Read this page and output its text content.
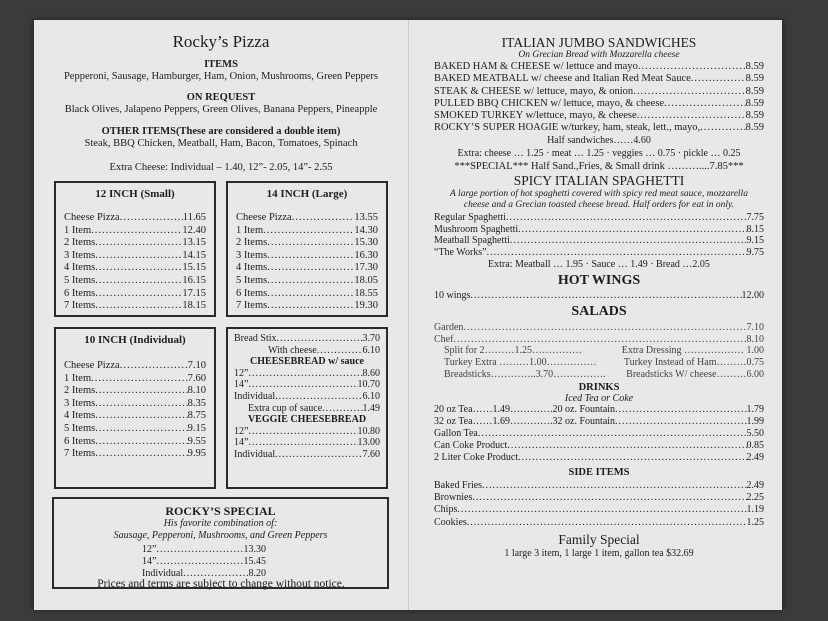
Rocky’s Pizza
ITEMS
Pepperoni, Sausage, Hamburger, Ham, Onion, Mushrooms, Green Peppers
ON REQUEST
Black Olives, Jalapeno Peppers, Green Olives, Banana Peppers, Pineapple
OTHER ITEMS(These are considered a double item)
Steak, BBQ Chicken, Meatball, Ham, Bacon, Tomatoes, Spinach
Extra Cheese: Individual – 1.40, 12”- 2.05, 14”- 2.55
12 INCH (Small)
Cheese Pizza .....	11.65
1 Item .....	12.40
2 Items .....	13.15
3 Items .....	14.15
4 Items .....	15.15
5 Items .....	16.15
6 Items .....	17.15
7 Items .....	18.15
14 INCH (Large)
Cheese Pizza .....	13.55
1 Item .....	14.30
2 Items .....	15.30
3 Items .....	16.30
4 Items .....	17.30
5 Items .....	18.05
6 Items .....	18.55
7 Items .....	19.30
10 INCH (Individual)
Cheese Pizza .....	7.10
1 Item .....	7.60
2 Items .....	8.10
3 Items .....	8.35
4 Items .....	8.75
5 Items .....	9.15
6 Items .....	9.55
7 Items .....	9.95
Bread Stix .....	3.70
With cheese .....	6.10
CHEESEBREAD w/ sauce
12” .....	8.60
14” .....	10.70
Individual .....	6.10
Extra cup of sauce .....	1.49
VEGGIE CHEESEBREAD
12” .....	10.80
14” .....	13.00
Individual .....	7.60
ROCKY’S SPECIAL
His favorite combination of:
Sausage, Pepperoni, Mushrooms, and Green Peppers
12” .....	13.30
14” .....	15.45
Individual .....	8.20
Prices and terms are subject to change without notice.
ITALIAN JUMBO SANDWICHES
On Grecian Bread with Mozzarella cheese
BAKED HAM & CHEESE w/ lettuce and mayo .....	8.59
BAKED MEATBALL w/ cheese and Italian Red Meat Sauce .....	8.59
STEAK & CHEESE w/ lettuce, mayo, & onion .....	8.59
PULLED BBQ CHICKEN w/ lettuce, mayo, & cheese .....	8.59
SMOKED TURKEY w/lettuce, mayo, & cheese .....	8.59
ROCKY’S SUPER HOAGIE w/turkey, ham, steak, lett., mayo, .....	8.59
Half sandwiches……4.60
Extra: cheese … 1.25 · meat … 1.25 · veggies … 0.75 · pickle … 0.25
***SPECIAL*** Half Sand.,Fries, & Small drink ………....7.85***
SPICY ITALIAN SPAGHETTI
A large portion of hot spaghetti covered with spicy red meat sauce, mozzarella cheese and a Grecian toasted cheese bread. Half orders for eat in only.
Regular Spaghetti .....	7.75
Mushroom Spaghetti .....	8.15
Meatball Spaghetti .....	9.15
“The Works” .....	9.75
Extra: Meatball … 1.95 · Sauce … 1.49 · Bread …2.05
HOT WINGS
10 wings .....	12.00
SALADS
Garden .....	7.10
Chef .....	8.10
Split for 2………1.25……………	Extra Dressing ……………… 1.00
Turkey Extra ………1.00……………	Turkey Instead of Ham………0.75
Breadsticks…………..3.70……………. Breadsticks W/ cheese………6.00
DRINKS
Iced Tea or Coke
20 oz Tea……1.49………….20 oz. Fountain .....	1.79
32 oz Tea……1.69………….32 oz. Fountain .....	1.99
Gallon Tea .....	5.50
Can Coke Product .....	0.85
2 Liter Coke Product .....	2.49
SIDE ITEMS
Baked Fries .....	2.49
Brownies .....	2.25
Chips .....	1.19
Cookies .....	1.25
Family Special
1 large 3 item, 1 large 1 item, gallon tea $32.69
